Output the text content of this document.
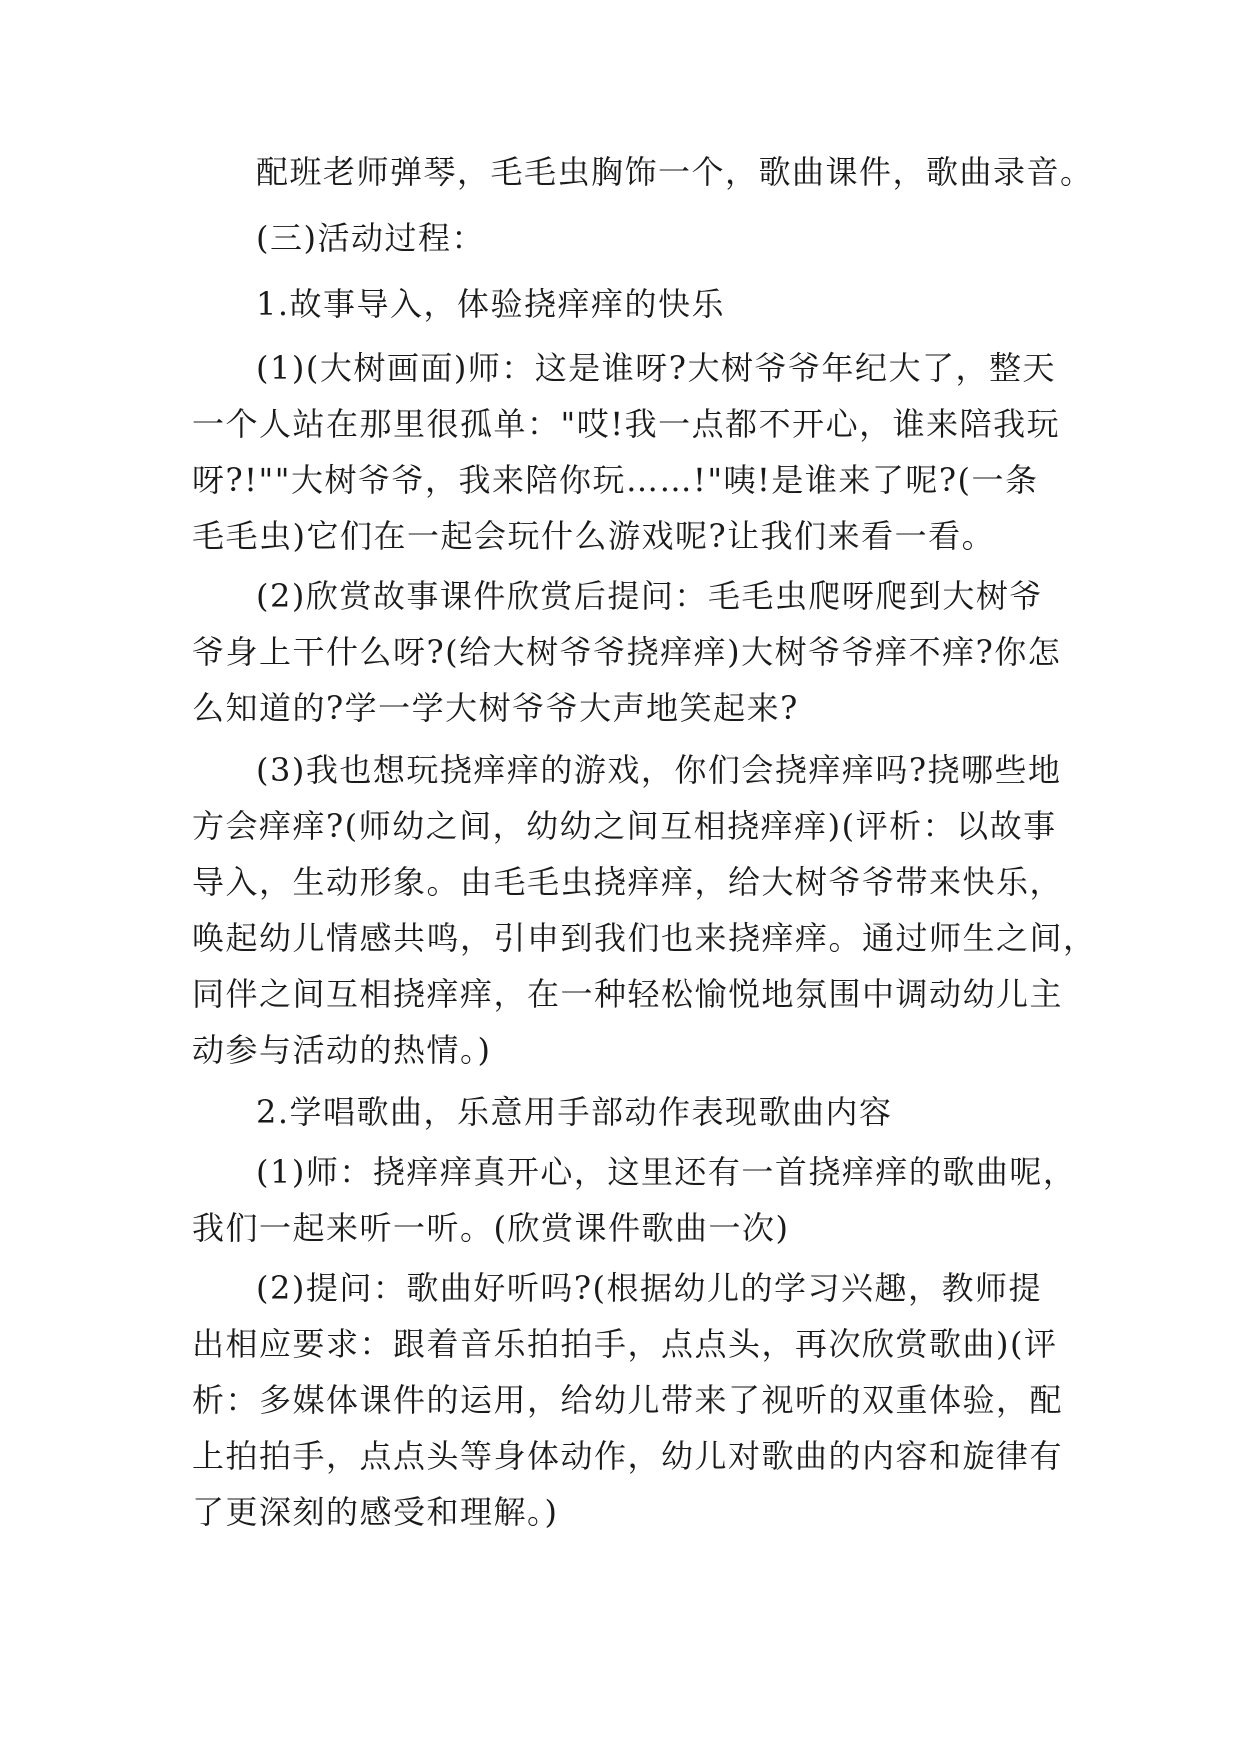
配班老师弹琴，毛毛虫胸饰一个，歌曲课件，歌曲录音。
(三)活动过程：
1.故事导入，体验挠痒痒的快乐
(1)(大树画面)师：这是谁呀?大树爷爷年纪大了，整天
一个人站在那里很孤单："哎!我一点都不开心，谁来陪我玩
呀?!""大树爷爷，我来陪你玩……!"咦!是谁来了呢?(一条
毛毛虫)它们在一起会玩什么游戏呢?让我们来看一看。
(2)欣赏故事课件欣赏后提问：毛毛虫爬呀爬到大树爷
爷身上干什么呀?(给大树爷爷挠痒痒)大树爷爷痒不痒?你怎
么知道的?学一学大树爷爷大声地笑起来?
(3)我也想玩挠痒痒的游戏，你们会挠痒痒吗?挠哪些地
方会痒痒?(师幼之间，幼幼之间互相挠痒痒)(评析：以故事
导入，生动形象。由毛毛虫挠痒痒，给大树爷爷带来快乐，
唤起幼儿情感共鸣，引申到我们也来挠痒痒。通过师生之间，
同伴之间互相挠痒痒，在一种轻松愉悦地氛围中调动幼儿主
动参与活动的热情。)
2.学唱歌曲，乐意用手部动作表现歌曲内容
(1)师：挠痒痒真开心，这里还有一首挠痒痒的歌曲呢，
我们一起来听一听。(欣赏课件歌曲一次)
(2)提问：歌曲好听吗?(根据幼儿的学习兴趣，教师提
出相应要求：跟着音乐拍拍手，点点头，再次欣赏歌曲)(评
析：多媒体课件的运用，给幼儿带来了视听的双重体验，配
上拍拍手，点点头等身体动作，幼儿对歌曲的内容和旋律有
了更深刻的感受和理解。)
